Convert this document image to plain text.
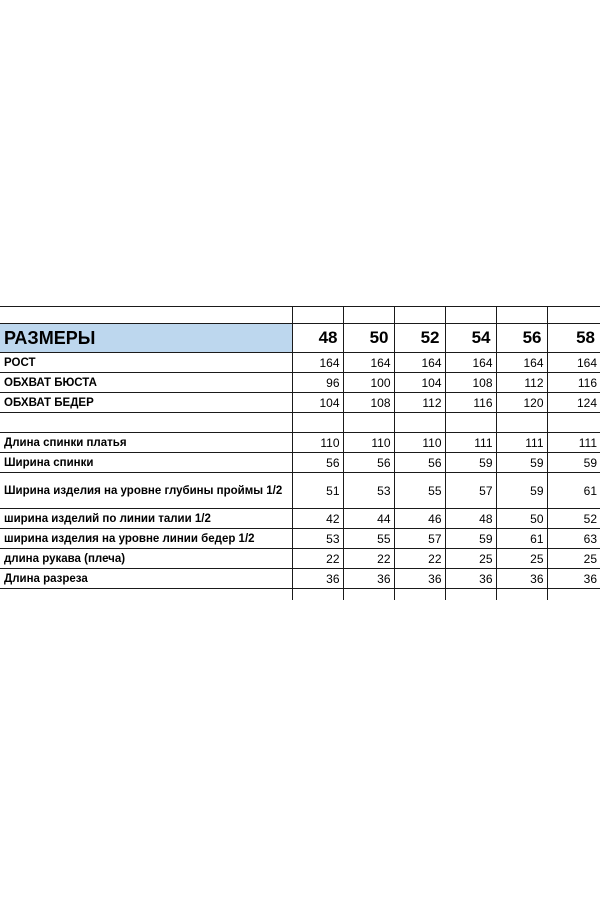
РАЗМЕРЫ	48	50	52	54	56	58
РОСТ	164	164	164	164	164	164
ОБХВАТ БЮСТА	96	100	104	108	112	116
ОБХВАТ БЕДЕР	104	108	112	116	120	124

Длина спинки платья	110	110	110	111	111	111
Ширина спинки	56	56	56	59	59	59
Ширина изделия на уровне глубины проймы 1/2	51	53	55	57	59	61
ширина изделий по линии талии 1/2	42	44	46	48	50	52
ширина изделия на уровне линии бедер 1/2	53	55	57	59	61	63
длина рукава (плеча)	22	22	22	25	25	25
Длина разреза	36	36	36	36	36	36
